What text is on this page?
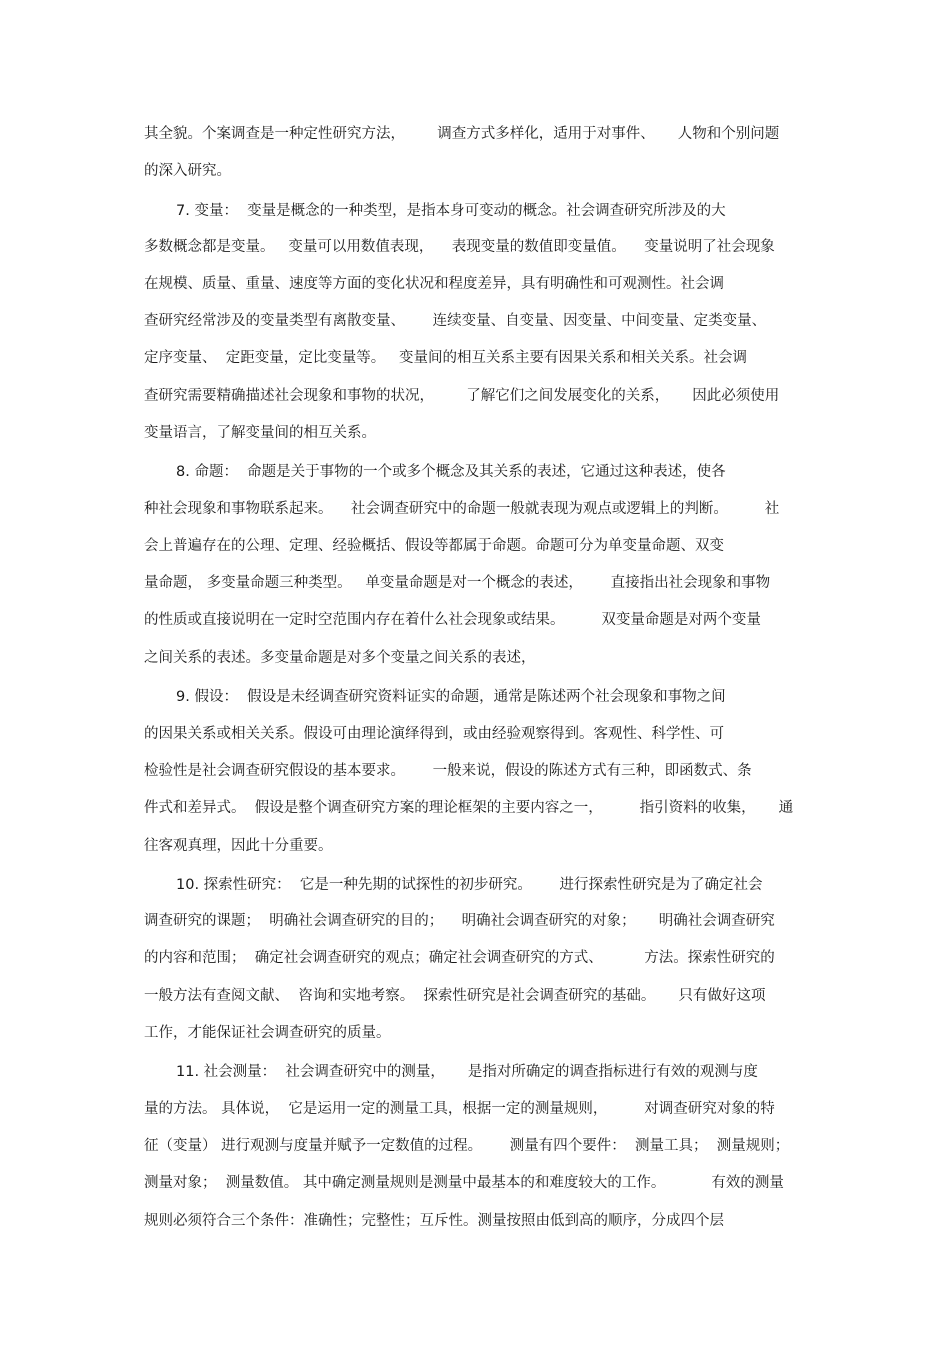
其全貌。个案调查是一种定性研究方法，       调查方式多样化，适用于对事件、     人物和个别问题
的深入研究。
7. 变量：  变量是概念的一种类型，是指本身可变动的概念。社会调查研究所涉及的大
多数概念都是变量。   变量可以用数值表现，    表现变量的数值即变量值。    变量说明了社会现象
在规模、质量、重量、速度等方面的变化状况和程度差异，具有明确性和可观测性。社会调
查研究经常涉及的变量类型有离散变量、      连续变量、自变量、因变量、中间变量、定类变量、
定序变量、  定距变量，定比变量等。   变量间的相互关系主要有因果关系和相关关系。社会调
查研究需要精确描述社会现象和事物的状况，       了解它们之间发展变化的关系，     因此必须使用
变量语言，了解变量间的相互关系。
8. 命题：  命题是关于事物的一个或多个概念及其关系的表述，它通过这种表述，使各
种社会现象和事物联系起来。    社会调查研究中的命题一般就表现为观点或逻辑上的判断。        社
会上普遍存在的公理、定理、经验概括、假设等都属于命题。命题可分为单变量命题、双变
量命题， 多变量命题三种类型。   单变量命题是对一个概念的表述，      直接指出社会现象和事物
的性质或直接说明在一定时空范围内存在着什么社会现象或结果。        双变量命题是对两个变量
之间关系的表述。多变量命题是对多个变量之间关系的表述，
9. 假设：  假设是未经调查研究资料证实的命题，通常是陈述两个社会现象和事物之间
的因果关系或相关关系。假设可由理论演绎得到，或由经验观察得到。客观性、科学性、可
检验性是社会调查研究假设的基本要求。      一般来说，假设的陈述方式有三种，即函数式、条
件式和差异式。  假设是整个调查研究方案的理论框架的主要内容之一，        指引资料的收集，     通
往客观真理，因此十分重要。
10. 探索性研究：  它是一种先期的试探性的初步研究。      进行探索性研究是为了确定社会
调查研究的课题；  明确社会调查研究的目的；    明确社会调查研究的对象；     明确社会调查研究
的内容和范围；  确定社会调查研究的观点；确定社会调查研究的方式、         方法。探索性研究的
一般方法有查阅文献、  咨询和实地考察。  探索性研究是社会调查研究的基础。     只有做好这项
工作，才能保证社会调查研究的质量。
11. 社会测量：  社会调查研究中的测量，     是指对所确定的调查指标进行有效的观测与度
量的方法。 具体说，  它是运用一定的测量工具，根据一定的测量规则，        对调查研究对象的特
征（变量） 进行观测与度量并赋予一定数值的过程。      测量有四个要件：  测量工具；  测量规则；
测量对象；  测量数值。 其中确定测量规则是测量中最基本的和难度较大的工作。          有效的测量
规则必须符合三个条件：准确性；完整性；互斥性。测量按照由低到高的顺序，分成四个层
